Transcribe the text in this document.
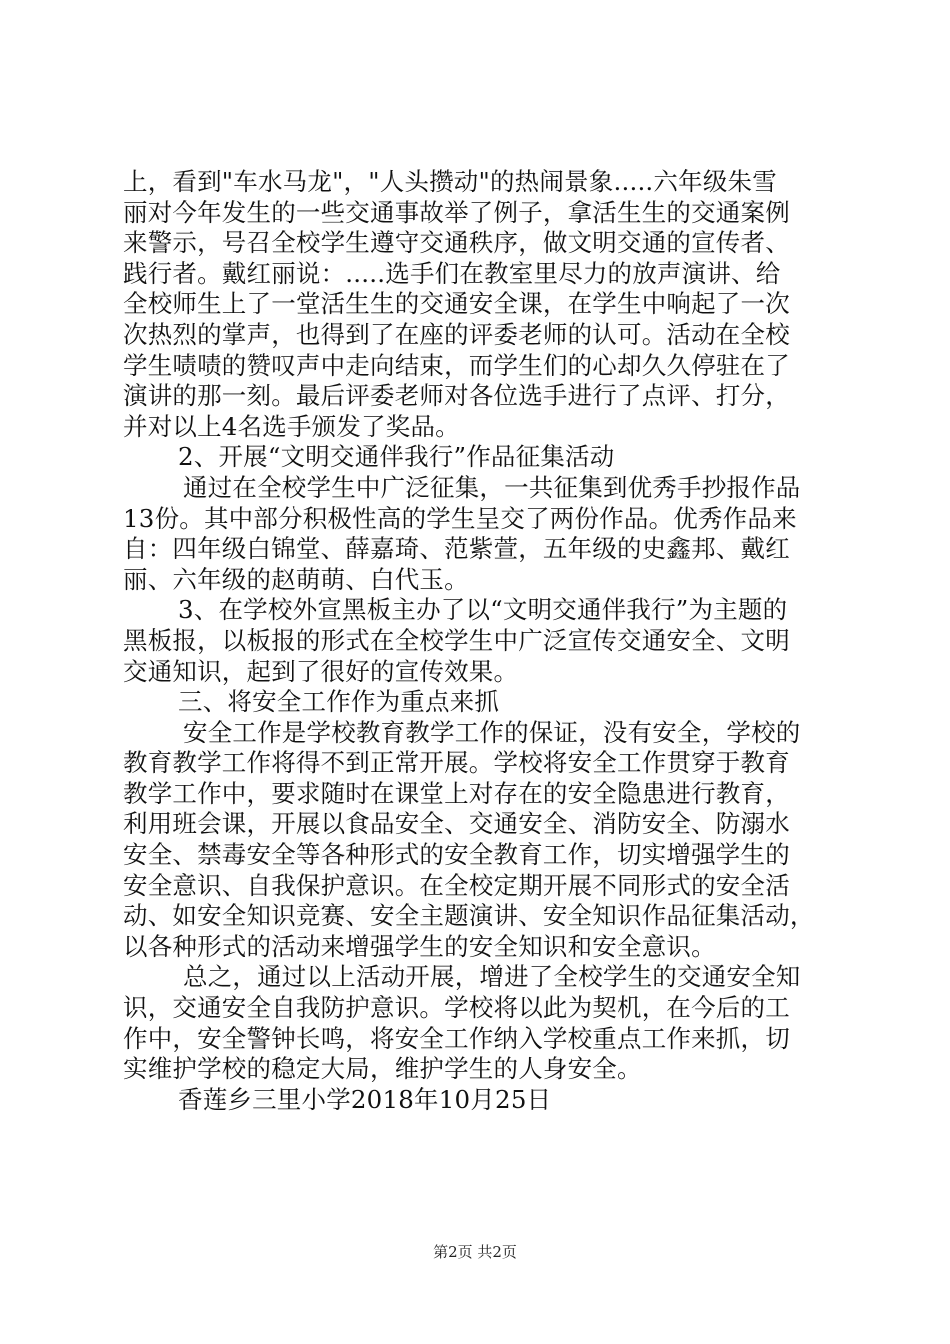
上，看到"车水马龙"，"人头攒动"的热闹景象.....六年级朱雪
丽对今年发生的一些交通事故举了例子，拿活生生的交通案例
来警示，号召全校学生遵守交通秩序，做文明交通的宣传者、
践行者。戴红丽说：.....选手们在教室里尽力的放声演讲、给
全校师生上了一堂活生生的交通安全课，在学生中响起了一次
次热烈的掌声，也得到了在座的评委老师的认可。活动在全校
学生啧啧的赞叹声中走向结束，而学生们的心却久久停驻在了
演讲的那一刻。最后评委老师对各位选手进行了点评、打分，
并对以上4名选手颁发了奖品。
2、开展“文明交通伴我行”作品征集活动
通过在全校学生中广泛征集，一共征集到优秀手抄报作品
13份。其中部分积极性高的学生呈交了两份作品。优秀作品来
自：四年级白锦堂、薛嘉琦、范紫萱，五年级的史鑫邦、戴红
丽、六年级的赵萌萌、白代玉。
3、在学校外宣黑板主办了以“文明交通伴我行”为主题的
黑板报，以板报的形式在全校学生中广泛宣传交通安全、文明
交通知识，起到了很好的宣传效果。
三、将安全工作作为重点来抓
安全工作是学校教育教学工作的保证，没有安全，学校的
教育教学工作将得不到正常开展。学校将安全工作贯穿于教育
教学工作中，要求随时在课堂上对存在的安全隐患进行教育，
利用班会课，开展以食品安全、交通安全、消防安全、防溺水
安全、禁毒安全等各种形式的安全教育工作，切实增强学生的
安全意识、自我保护意识。在全校定期开展不同形式的安全活
动、如安全知识竞赛、安全主题演讲、安全知识作品征集活动，
以各种形式的活动来增强学生的安全知识和安全意识。
总之，通过以上活动开展，增进了全校学生的交通安全知
识，交通安全自我防护意识。学校将以此为契机，在今后的工
作中，安全警钟长鸣，将安全工作纳入学校重点工作来抓，切
实维护学校的稳定大局，维护学生的人身安全。
香莲乡三里小学2018年10月25日
第2页 共2页
